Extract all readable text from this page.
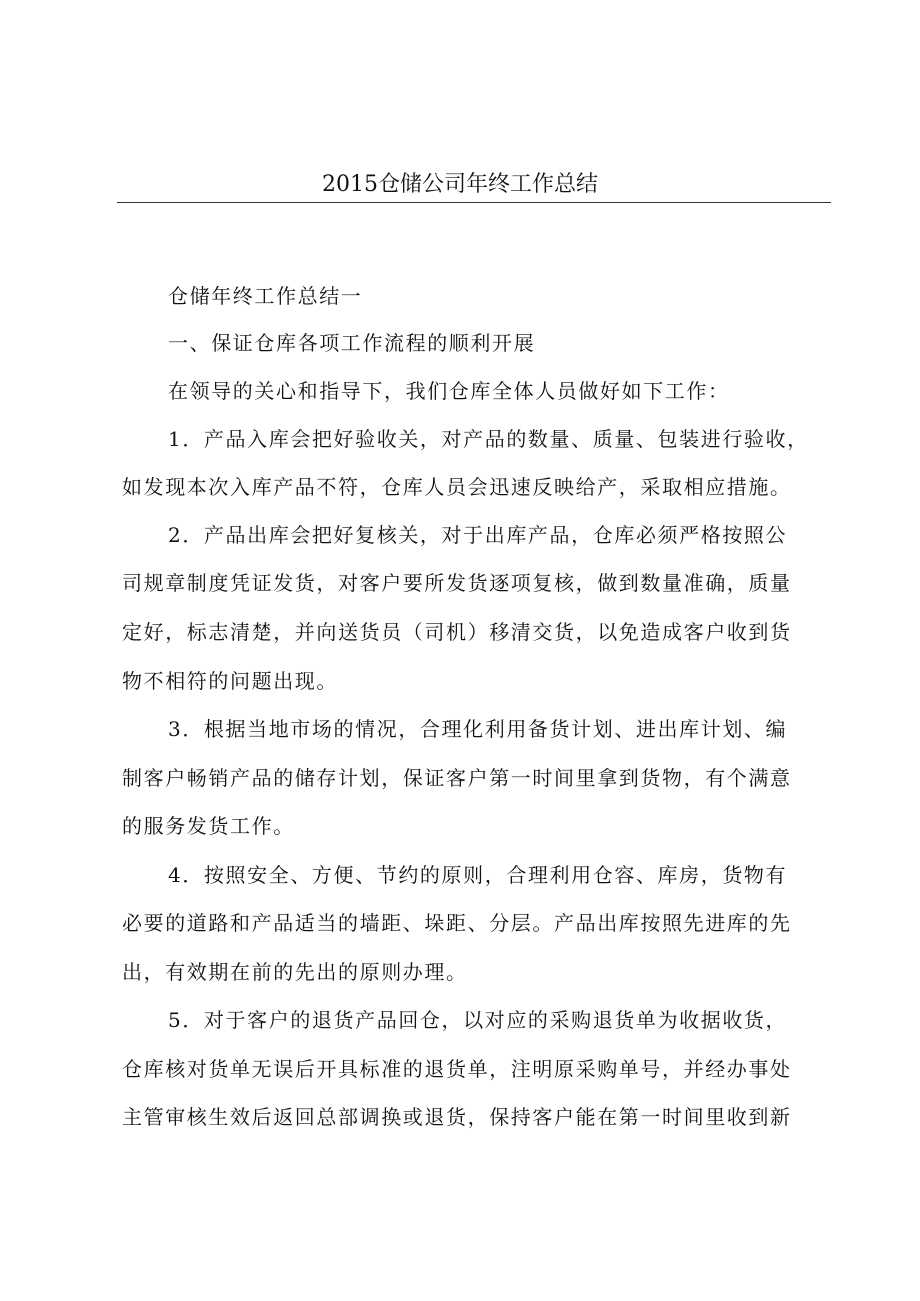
2015仓储公司年终工作总结
仓储年终工作总结一
一、保证仓库各项工作流程的顺利开展
在领导的关心和指导下，我们仓库全体人员做好如下工作：
1．产品入库会把好验收关，对产品的数量、质量、包装进行验收，
如发现本次入库产品不符，仓库人员会迅速反映给产，采取相应措施。
2．产品出库会把好复核关，对于出库产品，仓库必须严格按照公
司规章制度凭证发货，对客户要所发货逐项复核，做到数量准确，质量
定好，标志清楚，并向送货员（司机）移清交货，以免造成客户收到货
物不相符的问题出现。
3．根据当地市场的情况，合理化利用备货计划、进出库计划、编
制客户畅销产品的储存计划，保证客户第一时间里拿到货物，有个满意
的服务发货工作。
4．按照安全、方便、节约的原则，合理利用仓容、库房，货物有
必要的道路和产品适当的墙距、垛距、分层。产品出库按照先进库的先
出，有效期在前的先出的原则办理。
5．对于客户的退货产品回仓，以对应的采购退货单为收据收货，
仓库核对货单无误后开具标准的退货单，注明原采购单号，并经办事处
主管审核生效后返回总部调换或退货，保持客户能在第一时间里收到新
